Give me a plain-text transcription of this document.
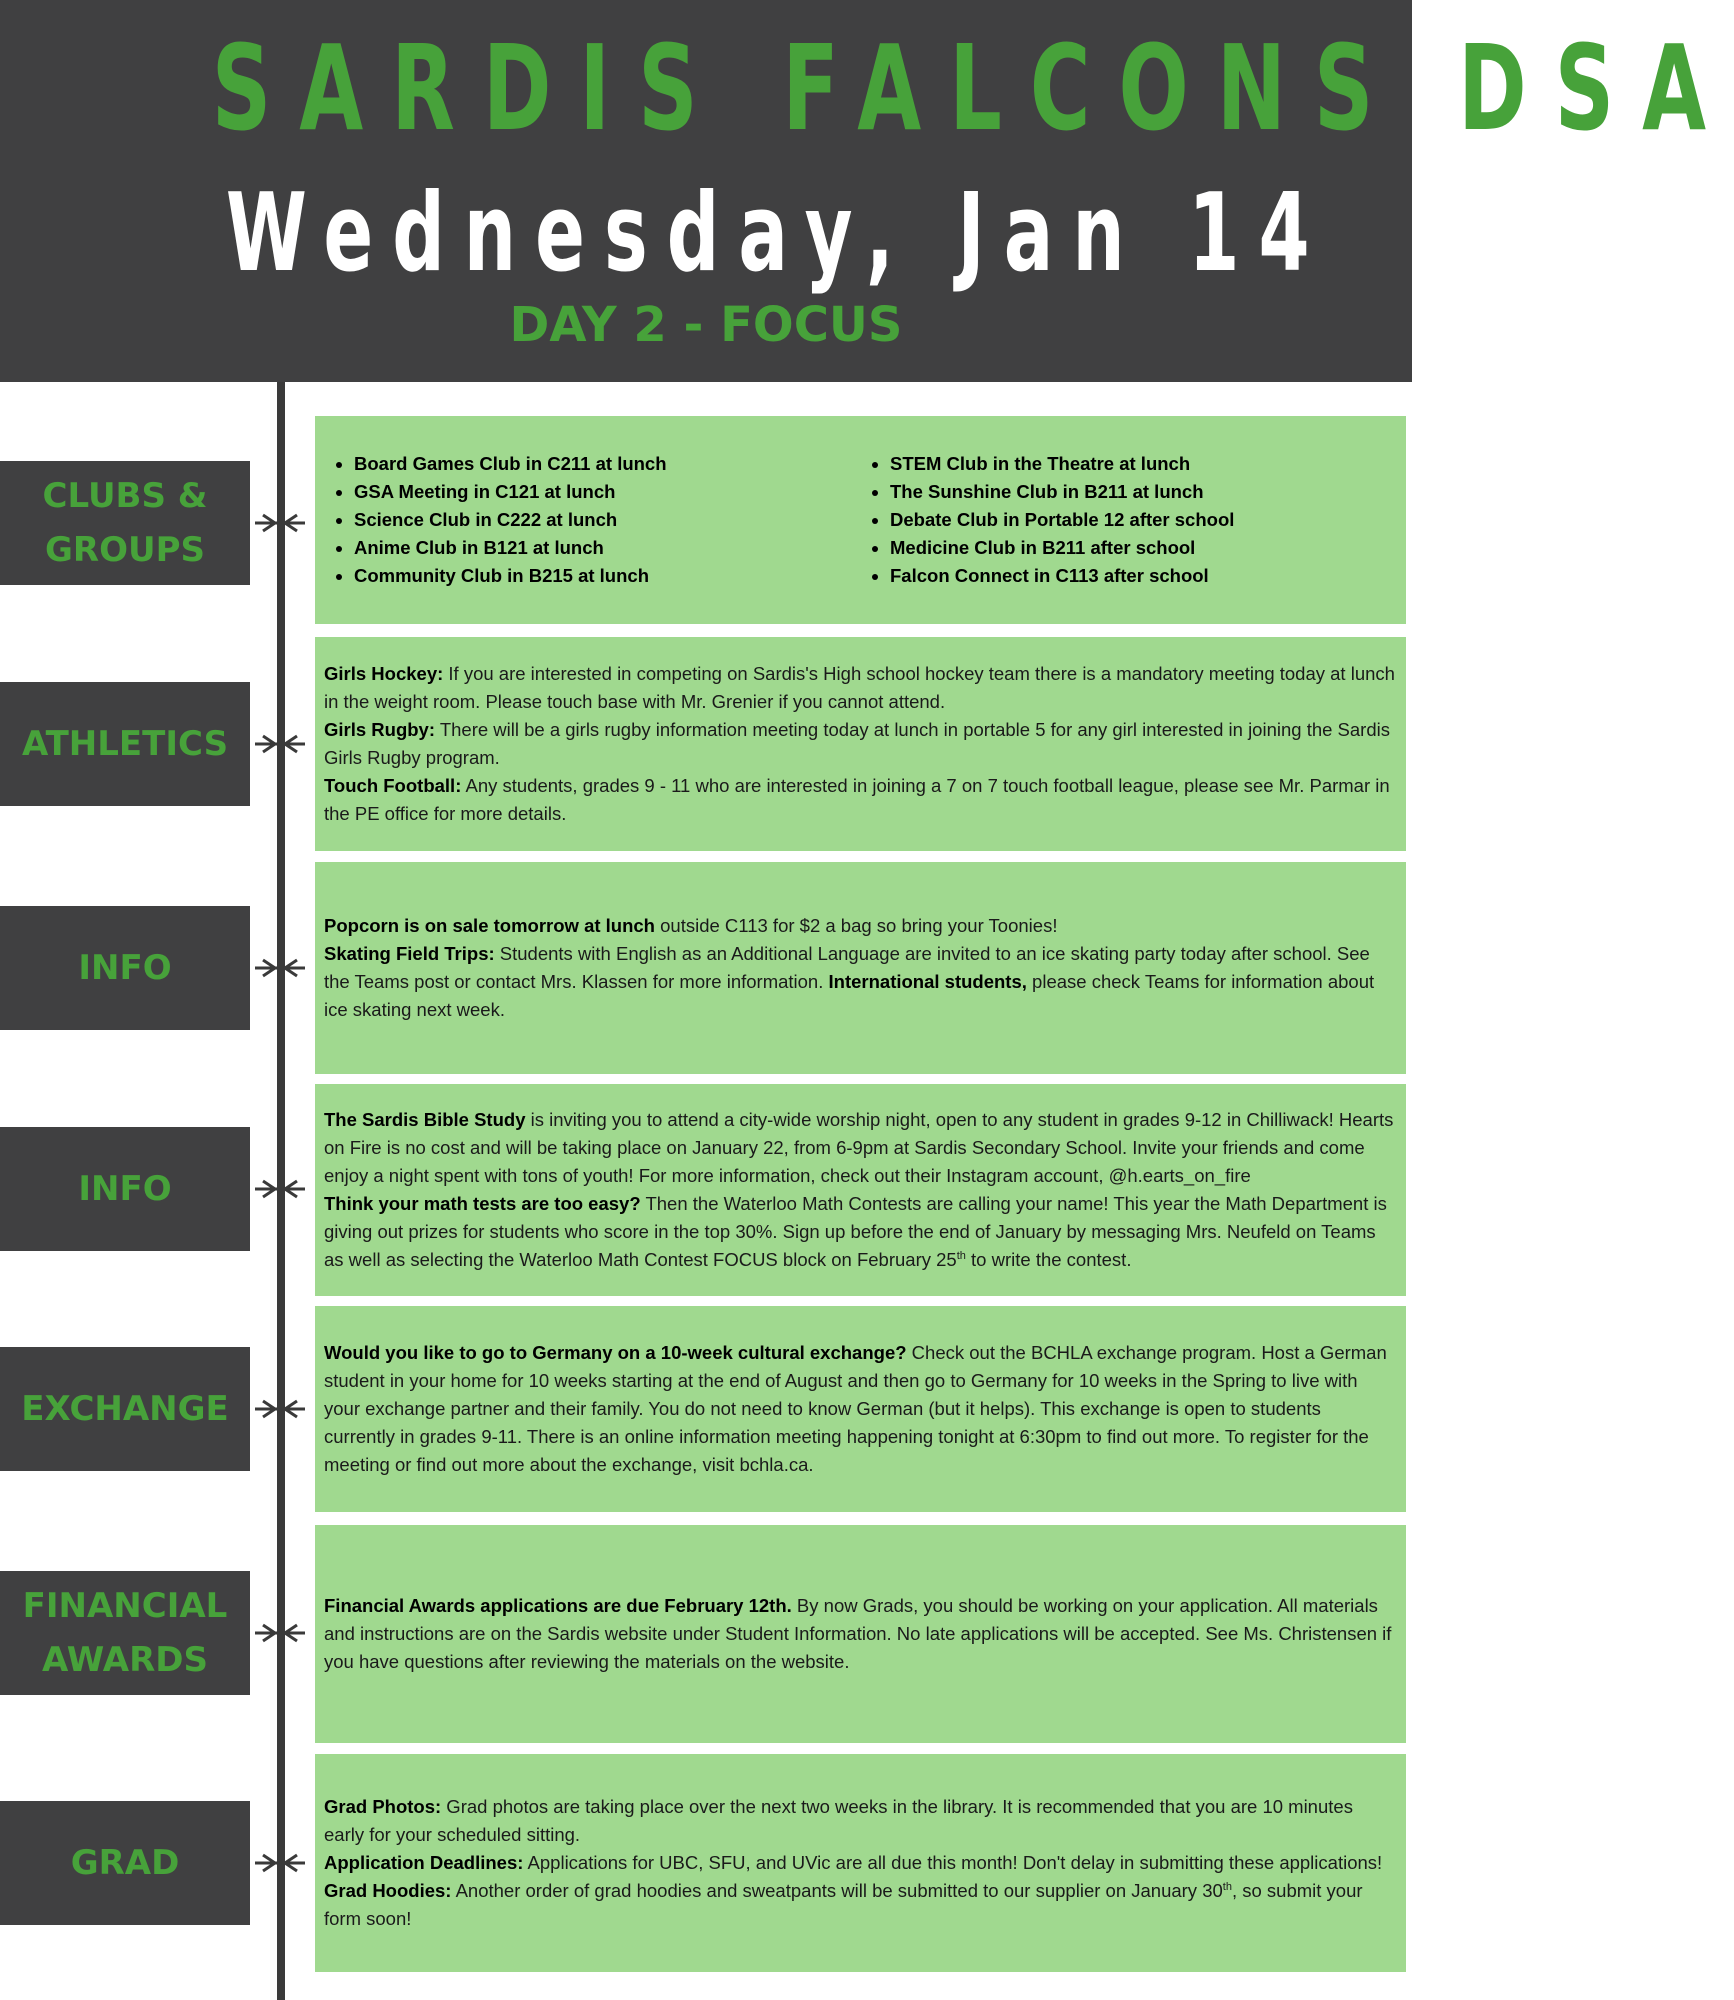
SARDIS FALCONS DSA
Wednesday, Jan 14
DAY 2 - FOCUS
CLUBS &
GROUPS
• Board Games Club in C211 at lunch
• GSA Meeting in C121 at lunch
• Science Club in C222 at lunch
• Anime Club in B121 at lunch
• Community Club in B215 at lunch
• STEM Club in the Theatre at lunch
• The Sunshine Club in B211 at lunch
• Debate Club in Portable 12 after school
• Medicine Club in B211 after school
• Falcon Connect in C113 after school
ATHLETICS

Girls Hockey: If you are interested in competing on Sardis's High school hockey team there is a mandatory meeting today at lunch in the weight room. Please touch base with Mr. Grenier if you cannot attend.

Girls Rugby: There will be a girls rugby information meeting today at lunch in portable 5 for any girl interested in joining the Sardis Girls Rugby program.

Touch Football: Any students, grades 9 - 11 who are interested in joining a 7 on 7 touch football league, please see Mr. Parmar in the PE office for more details.

INFO

Popcorn is on sale tomorrow at lunch outside C113 for $2 a bag so bring your Toonies!

Skating Field Trips: Students with English as an Additional Language are invited to an ice skating party today after school. See the Teams post or contact Mrs. Klassen for more information. International students, please check Teams for information about ice skating next week.

INFO

The Sardis Bible Study is inviting you to attend a city-wide worship night, open to any student in grades 9-12 in Chilliwack! Hearts on Fire is no cost and will be taking place on January 22, from 6-9pm at Sardis Secondary School. Invite your friends and come enjoy a night spent with tons of youth! For more information, check out their Instagram account, @h.earts_on_fire

Think your math tests are too easy? Then the Waterloo Math Contests are calling your name! This year the Math Department is giving out prizes for students who score in the top 30%. Sign up before the end of January by messaging Mrs. Neufeld on Teams as well as selecting the Waterloo Math Contest FOCUS block on February 25th to write the contest.

EXCHANGE

Would you like to go to Germany on a 10-week cultural exchange? Check out the BCHLA exchange program. Host a German student in your home for 10 weeks starting at the end of August and then go to Germany for 10 weeks in the Spring to live with your exchange partner and their family. You do not need to know German (but it helps). This exchange is open to students currently in grades 9-11. There is an online information meeting happening tonight at 6:30pm to find out more. To register for the meeting or find out more about the exchange, visit bchla.ca.

FINANCIAL
AWARDS

Financial Awards applications are due February 12th. By now Grads, you should be working on your application. All materials and instructions are on the Sardis website under Student Information. No late applications will be accepted. See Ms. Christensen if you have questions after reviewing the materials on the website.

GRAD

Grad Photos: Grad photos are taking place over the next two weeks in the library. It is recommended that you are 10 minutes early for your scheduled sitting.

Application Deadlines: Applications for UBC, SFU, and UVic are all due this month! Don't delay in submitting these applications!

Grad Hoodies: Another order of grad hoodies and sweatpants will be submitted to our supplier on January 30th, so submit your form soon!
